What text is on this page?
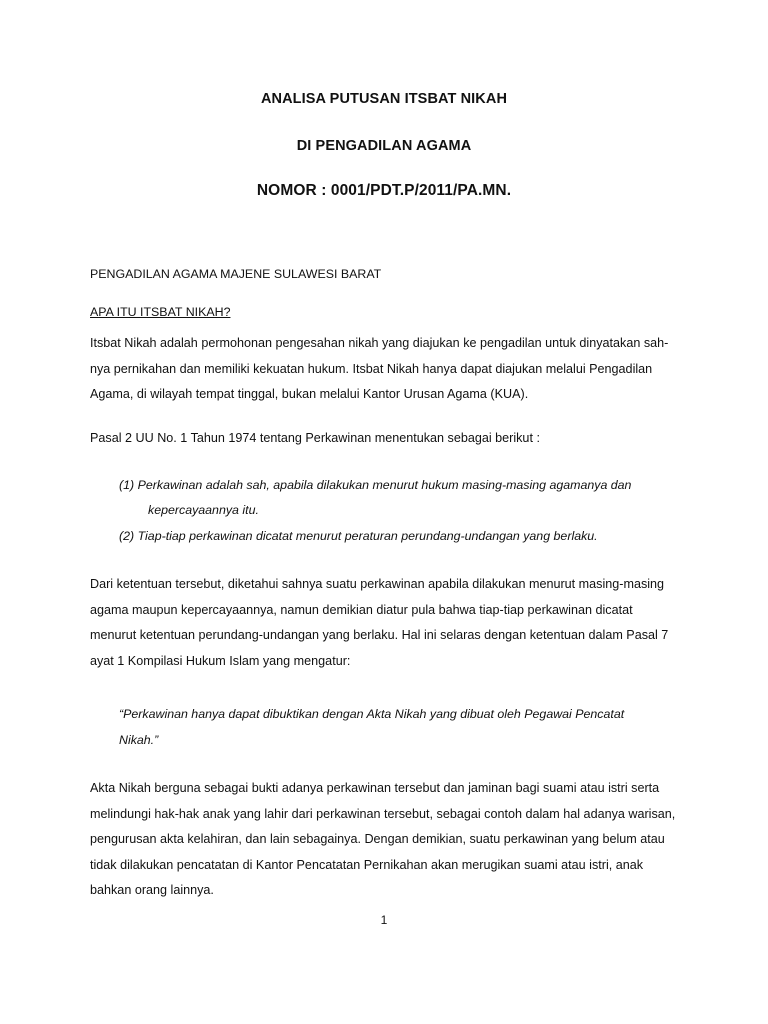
ANALISA PUTUSAN ITSBAT NIKAH
DI PENGADILAN AGAMA
NOMOR : 0001/PDT.P/2011/PA.MN.
PENGADILAN AGAMA MAJENE SULAWESI BARAT
APA ITU ITSBAT NIKAH?
Itsbat Nikah adalah permohonan pengesahan nikah yang diajukan ke pengadilan untuk dinyatakan sah-
nya pernikahan dan memiliki kekuatan hukum. Itsbat Nikah hanya dapat diajukan melalui Pengadilan
Agama, di wilayah tempat tinggal, bukan melalui Kantor Urusan Agama (KUA).
Pasal 2 UU No. 1 Tahun 1974 tentang Perkawinan menentukan sebagai berikut :
(1) Perkawinan adalah sah, apabila dilakukan menurut hukum masing-masing agamanya dan
kepercayaannya itu.
(2) Tiap-tiap perkawinan dicatat menurut peraturan perundang-undangan yang berlaku.
Dari ketentuan tersebut, diketahui sahnya suatu perkawinan apabila dilakukan menurut masing-masing
agama maupun kepercayaannya, namun demikian diatur pula bahwa tiap-tiap perkawinan dicatat
menurut ketentuan perundang-undangan yang berlaku. Hal ini selaras dengan ketentuan dalam Pasal 7
ayat 1 Kompilasi Hukum Islam yang mengatur:
“Perkawinan hanya dapat dibuktikan dengan Akta Nikah yang dibuat oleh Pegawai Pencatat
Nikah.”
Akta Nikah berguna sebagai bukti adanya perkawinan tersebut dan jaminan bagi suami atau istri serta
melindungi hak-hak anak yang lahir dari perkawinan tersebut, sebagai contoh dalam hal adanya warisan,
pengurusan akta kelahiran, dan lain sebagainya. Dengan demikian, suatu perkawinan yang belum atau
tidak dilakukan pencatatan di Kantor Pencatatan Pernikahan akan merugikan suami atau istri, anak
bahkan orang lainnya.
1
